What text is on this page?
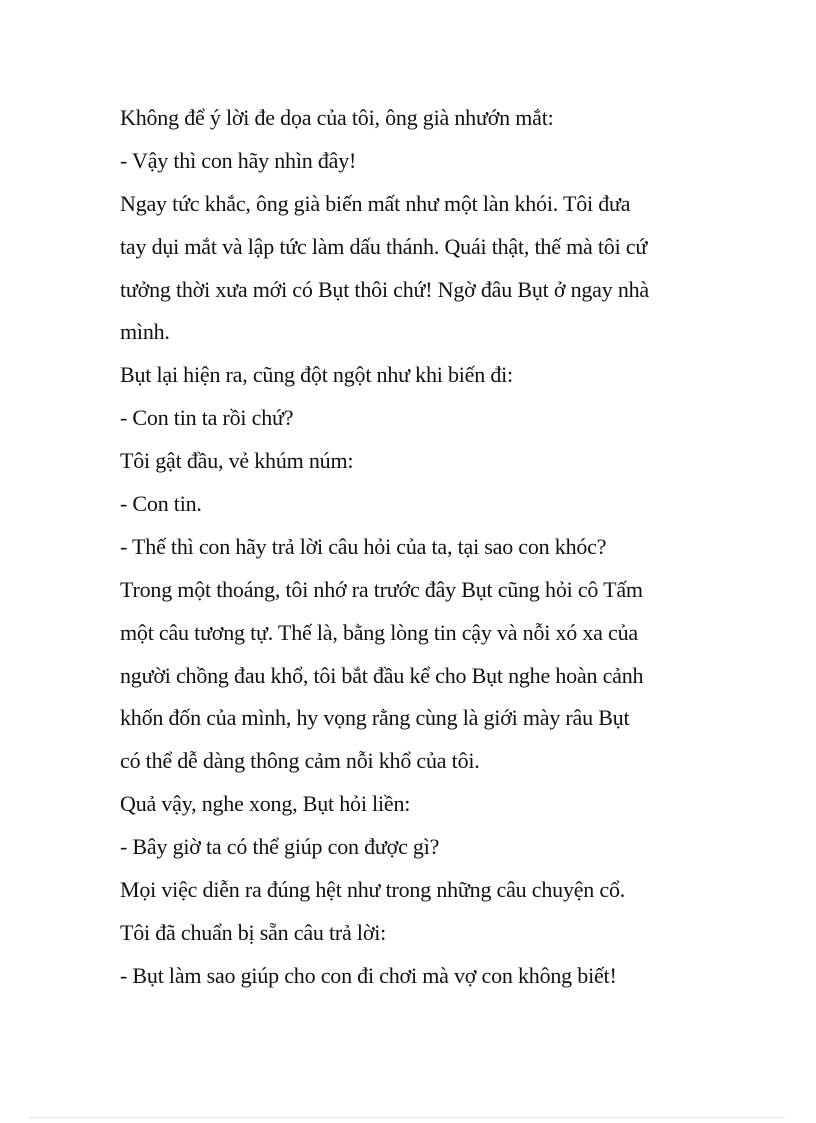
Không để ý lời đe dọa của tôi, ông già nhướn mắt:
- Vậy thì con hãy nhìn đây!
Ngay tức khắc, ông già biến mất như một làn khói. Tôi đưa
tay dụi mắt và lập tức làm dấu thánh. Quái thật, thế mà tôi cứ
tưởng thời xưa mới có Bụt thôi chứ! Ngờ đâu Bụt ở ngay nhà
mình.
Bụt lại hiện ra, cũng đột ngột như khi biến đi:
- Con tin ta rồi chứ?
Tôi gật đầu, vẻ khúm núm:
- Con tin.
- Thế thì con hãy trả lời câu hỏi của ta, tại sao con khóc?
Trong một thoáng, tôi nhớ ra trước đây Bụt cũng hỏi cô Tấm
một câu tương tự. Thế là, bằng lòng tin cậy và nỗi xó xa của
người chồng đau khổ, tôi bắt đầu kể cho Bụt nghe hoàn cảnh
khốn đốn của mình, hy vọng rằng cùng là giới mày râu Bụt
có thể dễ dàng thông cảm nỗi khổ của tôi.
Quả vậy, nghe xong, Bụt hỏi liền:
- Bây giờ ta có thể giúp con được gì?
Mọi việc diễn ra đúng hệt như trong những câu chuyện cổ.
Tôi đã chuẩn bị sẵn câu trả lời:
- Bụt làm sao giúp cho con đi chơi mà vợ con không biết!
